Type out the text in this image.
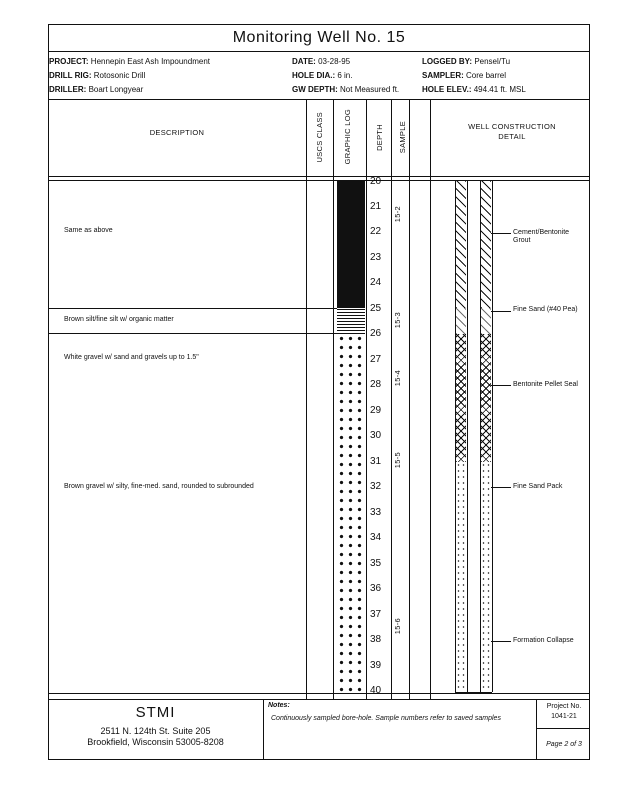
Monitoring Well No. 15
PROJECT: Hennepin East Ash Impoundment
DRILL RIG: Rotosonic Drill
DRILLER: Boart Longyear
DATE: 03-28-95
HOLE DIA.: 6 in.
GW DEPTH: Not Measured ft.
LOGGED BY: Pensel/Tu
SAMPLER: Core barrel
HOLE ELEV.: 494.41 ft. MSL
DESCRIPTION	USCS CLASS	GRAPHIC LOG	DEPTH SAMPLE	WELL CONSTRUCTION
DETAIL
20
21
22
23
24
25
26
27
28
29
30
31
32
33
34
35
36
37
38
39
40
Same as above
Brown silt/fine silt w/ organic matter
White gravel w/ sand and gravels up to 1.5"
Brown gravel w/ silty, fine-med. sand, rounded to subrounded
15-2
15-3
15-4
15-5
15-6
Cement/Bentonite Grout
Fine Sand (#40 Pea)
Bentonite Pellet Seal
Fine Sand Pack
Formation Collapse
STMI
2511 N. 124th St. Suite 205
Brookfield, Wisconsin 53005-8208
Notes:
Continuously sampled bore-hole. Sample numbers refer to saved samples
Project No.
1041-21
Page 2 of 3
